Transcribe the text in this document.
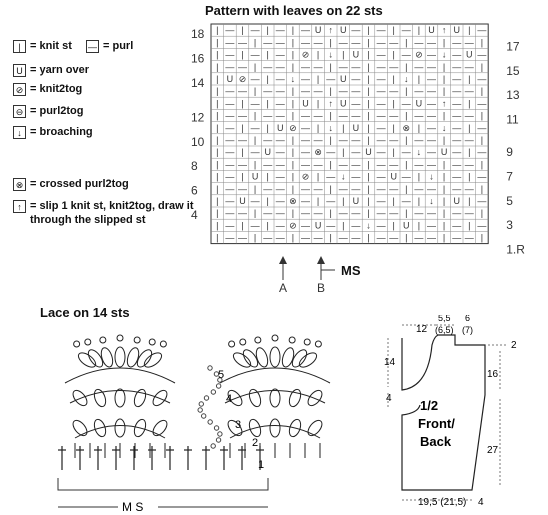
Pattern with leaves on 22 sts
| = knit st — = purl
U = yarn over
⊘ = knit2tog
⊖ = purl2tog
↓ = broaching
⊗ = crossed purl2tog
↑ = slip 1 knit st, knit2tog, draw it through the slipped st
| — | — | — | — U ↑ U — | — | — | U ↑ U | —
| — — | — — | — — | — — | — — | — — | — — |
| — | — | — | ⊘ | ↓ | U | — | — ⊘ — ↓ — U —
| — — | — — | — — | — — | — — | — — | — — |
| U ⊘ — | — ↓ — | — U — | — | ↓ | — | — | —
| — — | — — | — — | — — | — — | — — | — — |
| — | — | — | U | ↑ U — | — | — U — ↑ — | —
| — — | — — | — — | — — | — — | — — | — — |
| — | — | U ⊘ — | ↓ | U | — | ⊗ | — ↓ — | —
| — — | — — | — — | — — | — — | — — | — — |
| — | — U — | — ⊗ — | — U — | — ↓ — U — | —
| — — | — — | — — | — — | — — | — — | — — |
| — | U | — | ⊘ | — ↓ — | — U — | ↓ | — | —
| — — | — — | — — | — — | — — | — — | — — |
| — U — | — ⊗ — | — | U | — | — | ↓ | U | —
| — — | — — | — — | — — | — — | — — | — — |
| — | — | — ⊘ — U — | — ↓ — | U | — | — | —
| — — | — — | — — | — — | — — | — — | — — |
18
16
14
12
10
8
6
4
17
15
13
11
9
7
5
3
1.R
A B
MS
Lace on 14 sts
5
4
3
2
1
M S
12
5,5
(6,5)
6
(7)
2
14
4
16
27
19,5 (21,5) 4
1/2
Front/
Back
